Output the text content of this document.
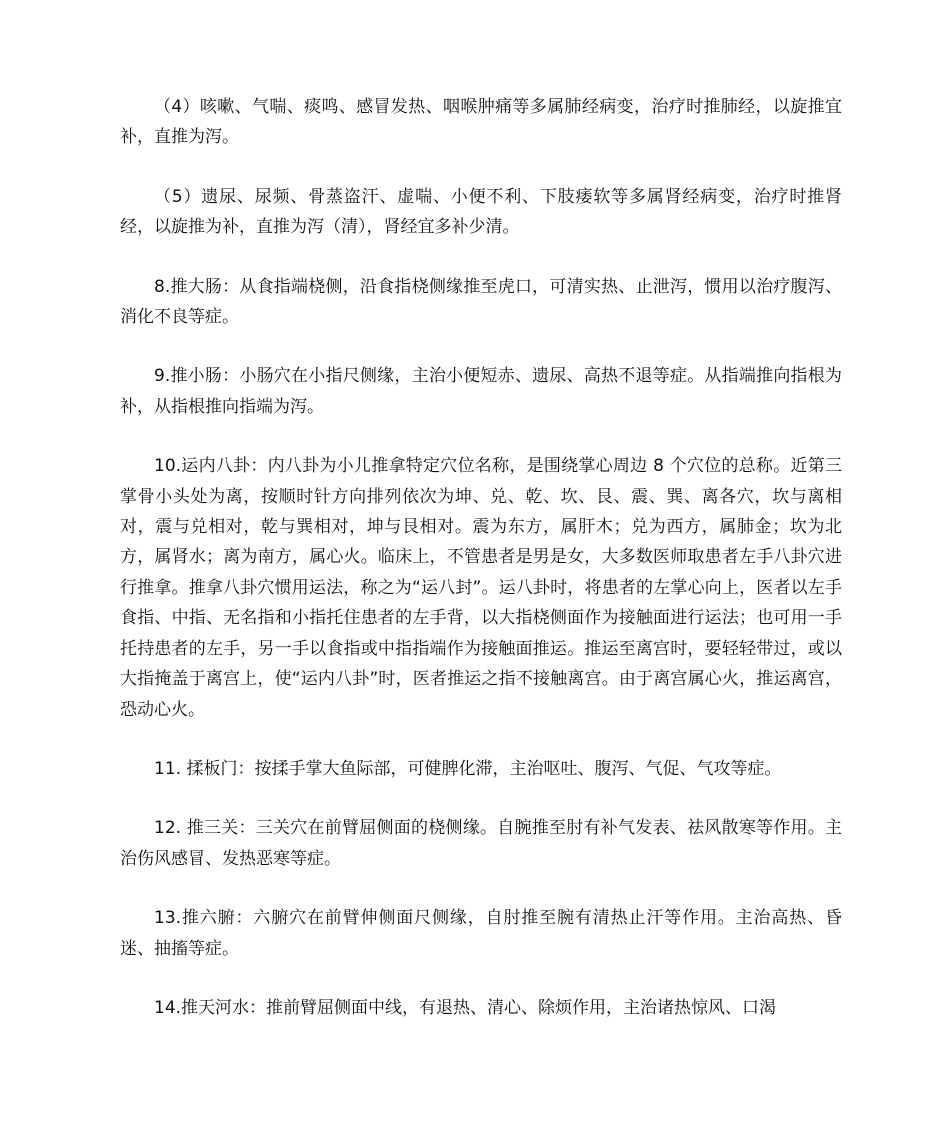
（4）咳嗽、气喘、痰鸣、感冒发热、咽喉肿痛等多属肺经病变，治疗时推肺经，以旋推宜补，直推为泻。

（5）遗尿、尿频、骨蒸盗汗、虚喘、小便不利、下肢痿软等多属肾经病变，治疗时推肾经，以旋推为补，直推为泻（清），肾经宜多补少清。

8.推大肠：从食指端桡侧，沿食指桡侧缘推至虎口，可清实热、止泄泻，惯用以治疗腹泻、消化不良等症。

9.推小肠：小肠穴在小指尺侧缘，主治小便短赤、遗尿、高热不退等症。从指端推向指根为补，从指根推向指端为泻。

10.运内八卦：内八卦为小儿推拿特定穴位名称，是围绕掌心周边 8 个穴位的总称。近第三掌骨小头处为离，按顺时针方向排列依次为坤、兑、乾、坎、艮、震、巽、离各穴，坎与离相对，震与兑相对，乾与巽相对，坤与艮相对。震为东方，属肝木；兑为西方，属肺金；坎为北方，属肾水；离为南方，属心火。临床上，不管患者是男是女，大多数医师取患者左手八卦穴进行推拿。推拿八卦穴惯用运法，称之为“运八封”。运八卦时，将患者的左掌心向上，医者以左手食指、中指、无名指和小指托住患者的左手背，以大指桡侧面作为接触面进行运法；也可用一手托持患者的左手，另一手以食指或中指指端作为接触面推运。推运至离宫时，要轻轻带过，或以大指掩盖于离宫上，使“运内八卦”时，医者推运之指不接触离宫。由于离宫属心火，推运离宫，恐动心火。

11. 揉板门：按揉手掌大鱼际部，可健脾化滞，主治呕吐、腹泻、气促、气攻等症。

12. 推三关：三关穴在前臂屈侧面的桡侧缘。自腕推至肘有补气发表、祛风散寒等作用。主治伤风感冒、发热恶寒等症。

13.推六腑：六腑穴在前臂伸侧面尺侧缘，自肘推至腕有清热止汗等作用。主治高热、昏迷、抽搐等症。

14.推天河水：推前臂屈侧面中线，有退热、清心、除烦作用，主治诸热惊风、口渴
